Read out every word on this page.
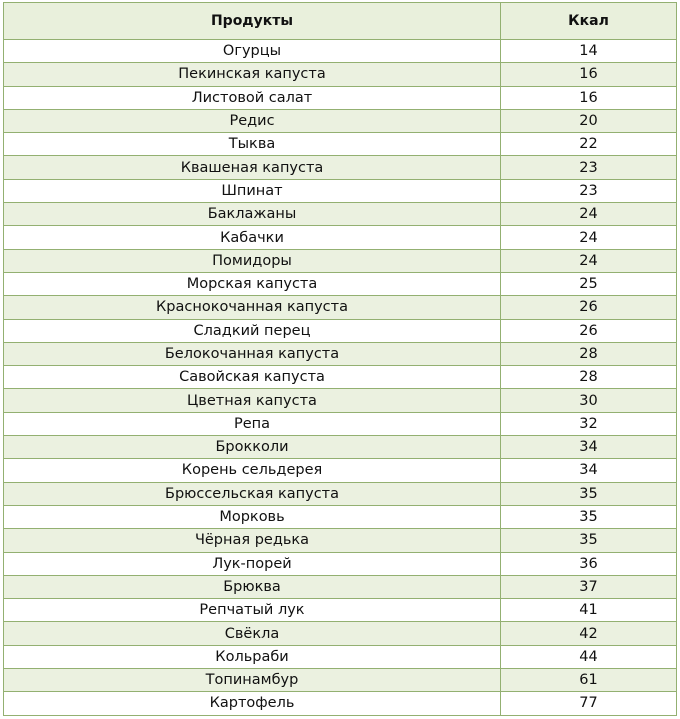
Продукты	Ккал
Огурцы	14
Пекинская капуста	16
Листовой салат	16
Редис	20
Тыква	22
Квашеная капуста	23
Шпинат	23
Баклажаны	24
Кабачки	24
Помидоры	24
Морская капуста	25
Краснокочанная капуста	26
Сладкий перец	26
Белокочанная капуста	28
Савойская капуста	28
Цветная капуста	30
Репа	32
Брокколи	34
Корень сельдерея	34
Брюссельская капуста	35
Морковь	35
Чёрная редька	35
Лук-порей	36
Брюква	37
Репчатый лук	41
Свёкла	42
Кольраби	44
Топинамбур	61
Картофель	77
